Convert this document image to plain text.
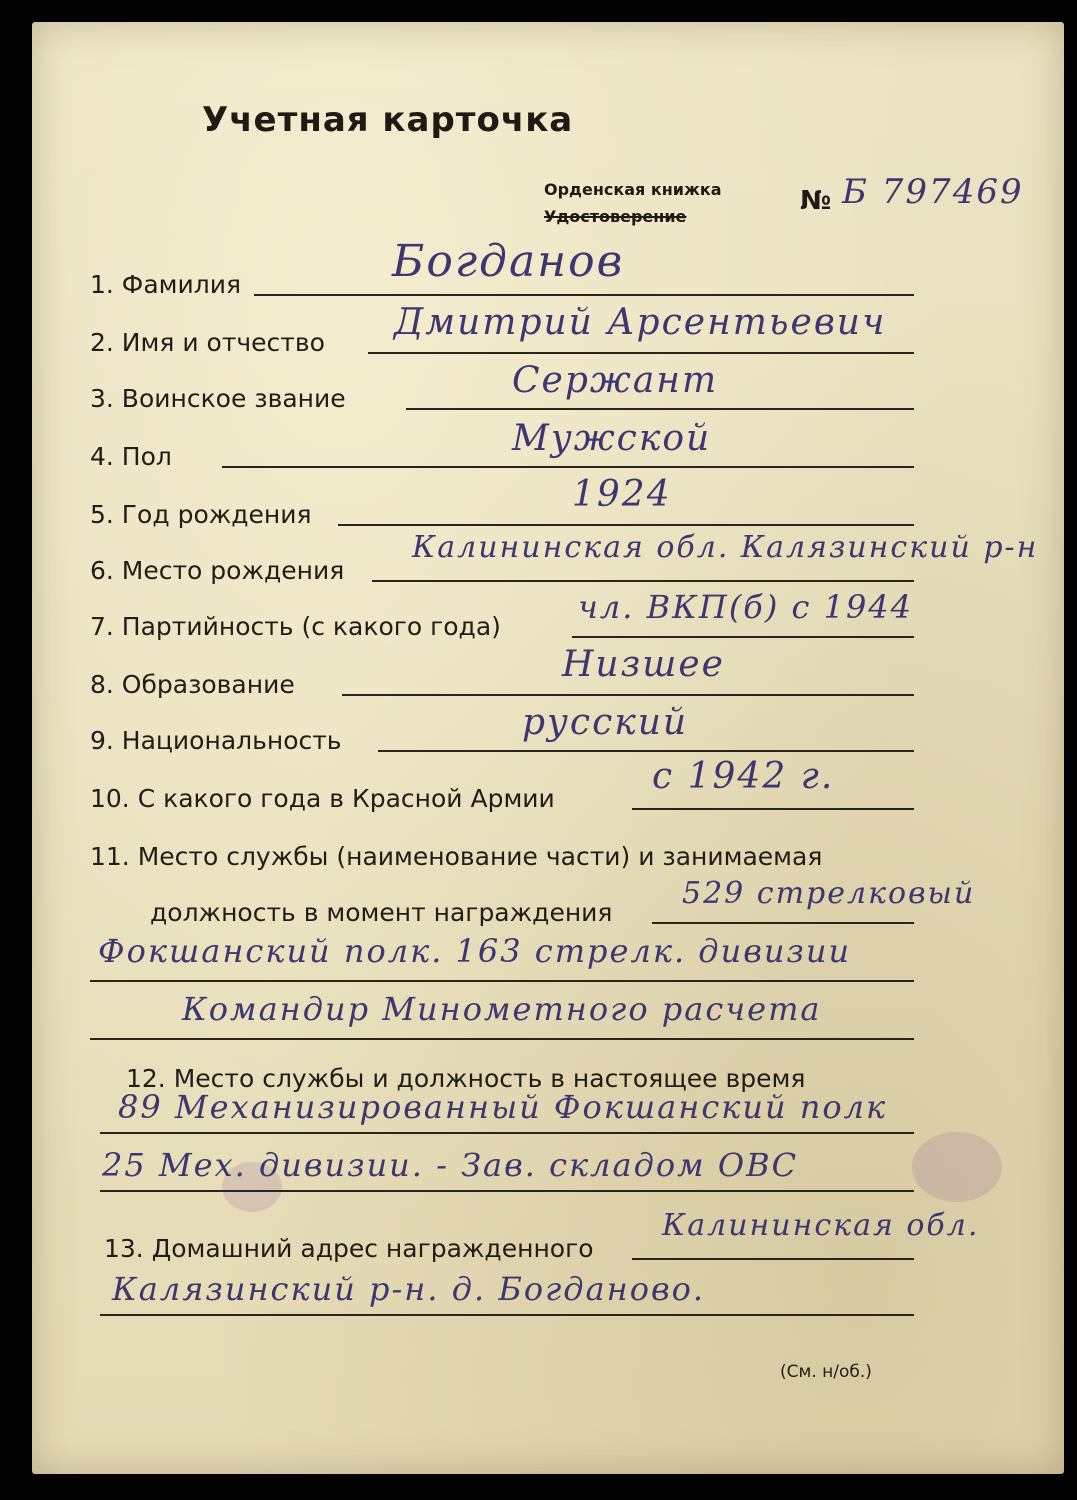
Учетная карточка
Орденская книжка
Удостоверение
№ Б 797469
1. Фамилия	Богданов
2. Имя и отчество Дмитрий Арсентьевич
3. Воинское звание	Сержант
4. Пол	Мужской
5. Год рождения	1924
6. Место рождения
Калининская обл. Калязинский р-н
7. Партийность (с какого года)
чл. ВКП(б) с 1944
8. Образование	Низшее
9. Национальность	русский
10. С какого года в Красной Армии
с 1942 г.
11. Место службы (наименование части) и занимаемая
должность в момент награждения
529 стрелковый
Фокшанский полк. 163 стрелк. дивизии
Командир Минометного расчета
12. Место службы и должность в настоящее время
89 Механизированный Фокшанский полк
25 Мех. дивизии. - Зав. складом ОВС
13. Домашний адрес награжденного
Калининская обл.
Калязинский р-н. д. Богданово.
(См. н/об.)
